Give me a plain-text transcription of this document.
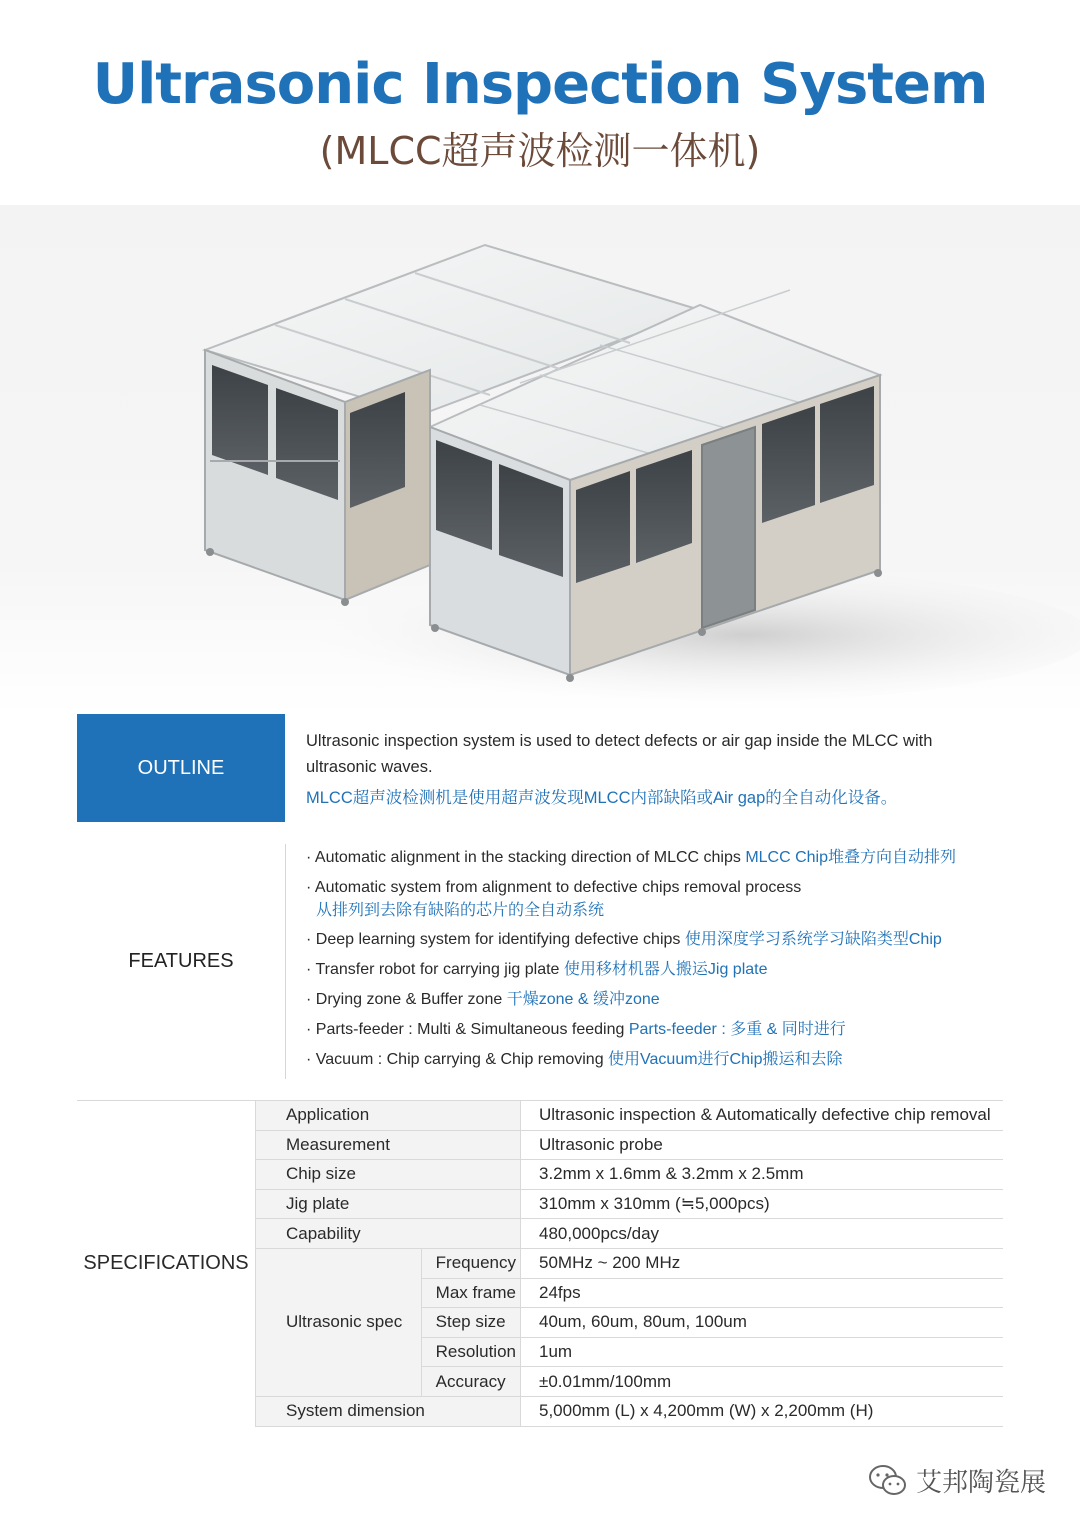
Ultrasonic Inspection System
(MLCC超声波检测一体机)
OUTLINE
Ultrasonic inspection system is used to detect defects or air gap inside the MLCC with ultrasonic waves.
MLCC超声波检测机是使用超声波发现MLCC内部缺陷或Air gap的全自动化设备。
FEATURES
· Automatic alignment in the stacking direction of MLCC chips MLCC Chip堆叠方向自动排列
· Automatic system from alignment to defective chips removal process
从排列到去除有缺陷的芯片的全自动系统
· Deep learning system for identifying defective chips 使用深度学习系统学习缺陷类型Chip
· Transfer robot for carrying jig plate 使用移材机器人搬运Jig plate
· Drying zone & Buffer zone 干燥zone & 缓冲zone
· Parts-feeder : Multi & Simultaneous feeding Parts-feeder : 多重 & 同时进行
· Vacuum : Chip carrying & Chip removing 使用Vacuum进行Chip搬运和去除
SPECIFICATIONS	Application		Ultrasonic inspection & Automatically defective chip removal
	Measurement		Ultrasonic probe
	Chip size		3.2mm x 1.6mm & 3.2mm x 2.5mm
	Jig plate		310mm x 310mm (≒5,000pcs)
	Capability		480,000pcs/day
	Ultrasonic spec	Frequency	50MHz ~ 200 MHz
		Max frame	24fps
		Step size	40um, 60um, 80um, 100um
		Resolution	1um
		Accuracy	±0.01mm/100mm
	System dimension		5,000mm (L) x 4,200mm (W) x 2,200mm (H)
艾邦陶瓷展
